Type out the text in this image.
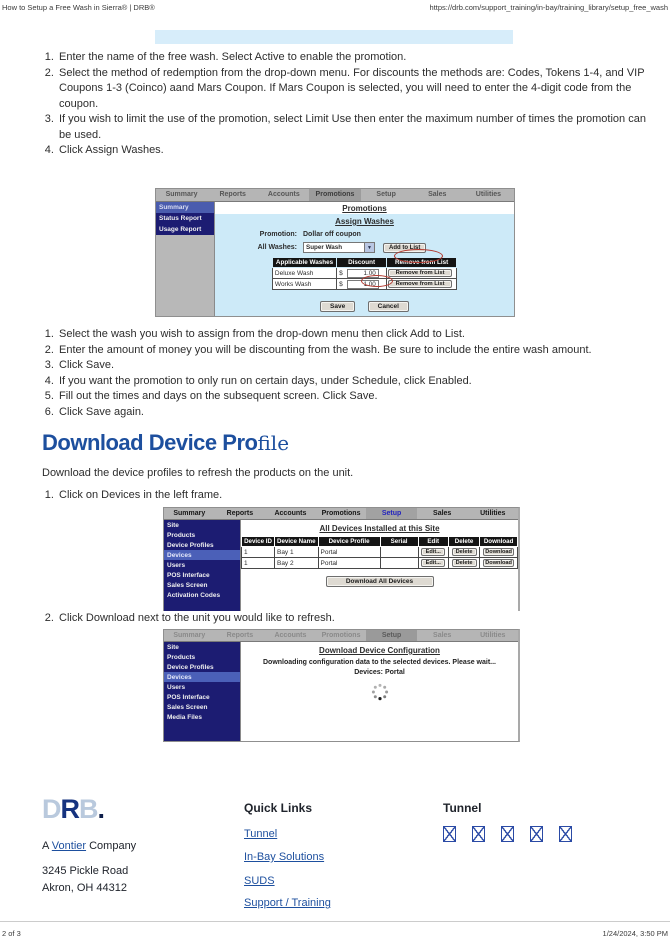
How to Setup a Free Wash in Sierra® | DRB®	https://drb.com/support_training/in-bay/training_library/setup_free_wash
1. Enter the name of the free wash. Select Active to enable the promotion.
2. Select the method of redemption from the drop-down menu. For discounts the methods are: Codes, Tokens 1-4, and VIP Coupons 1-3 (Coinco) aand Mars Coupon. If Mars Coupon is selected, you will need to enter the 4-digit code from the coupon.
3. If you wish to limit the use of the promotion, select Limit Use then enter the maximum number of times the promotion can be used.
4. Click Assign Washes.
Summary	Reports	Accounts	Promotions	Setup	Sales	Utilities
Summary
Status Report
Usage Report
Promotions
Assign Washes
Promotion: Dollar off coupon
All Washes:	Super Wash	▼	Add to List
Applicable Washes	Discount	Remove from List
Deluxe Wash	$ 1.00	Remove from List
Works Wash	$ 1.00	Remove from List
Save	Cancel
1. Select the wash you wish to assign from the drop-down menu then click Add to List.
2. Enter the amount of money you will be discounting from the wash. Be sure to include the entire wash amount.
3. Click Save.
4. If you want the promotion to only run on certain days, under Schedule, click Enabled.
5. Fill out the times and days on the subsequent screen. Click Save.
6. Click Save again.
Download Device Profile
Download the device profiles to refresh the products on the unit.
1. Click on Devices in the left frame.
Summary	Reports	Accounts	Promotions	Setup	Sales	Utilities
Site
Products
Device Profiles
Devices
Users
POS Interface
Sales Screen
Activation Codes
All Devices Installed at this Site
Device ID	Device Name	Device Profile	Serial	Edit	Delete	Download
1	Bay 1	Portal		Edit...	Delete	Download

1	Bay 2	Portal		Edit...	Delete	Download
Download All Devices
2. Click Download next to the unit you would like to refresh.
Summary	Reports	Accounts	Promotions	Setup	Sales	Utilities
Site
Products
Device Profiles
Devices
Users
POS Interface
Sales Screen
Media Files
Download Device Configuration
Downloading configuration data to the selected devices. Please wait...
Devices: Portal
DRB.
A Vontier Company
3245 Pickle Road
Akron, OH 44312
Quick Links
Tunnel
In-Bay Solutions
SUDS
Support / Training
Tunnel
2 of 3	1/24/2024, 3:50 PM
